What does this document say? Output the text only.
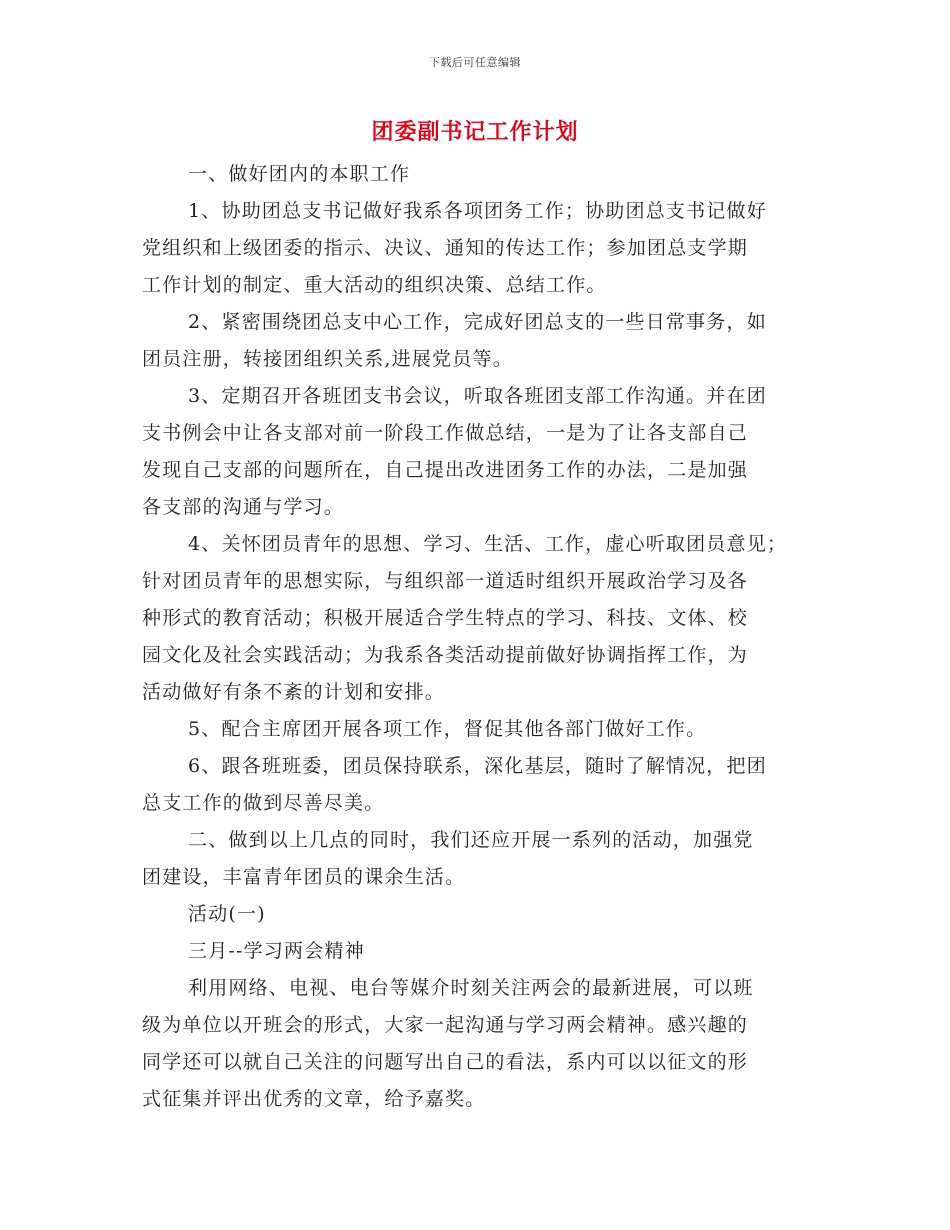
下载后可任意编辑
团委副书记工作计划
一、做好团内的本职工作
1、协助团总支书记做好我系各项团务工作；协助团总支书记做好
党组织和上级团委的指示、决议、通知的传达工作；参加团总支学期
工作计划的制定、重大活动的组织决策、总结工作。
2、紧密围绕团总支中心工作，完成好团总支的一些日常事务，如
团员注册，转接团组织关系,进展党员等。
3、定期召开各班团支书会议，听取各班团支部工作沟通。并在团
支书例会中让各支部对前一阶段工作做总结，一是为了让各支部自己
发现自己支部的问题所在，自己提出改进团务工作的办法，二是加强
各支部的沟通与学习。
4、关怀团员青年的思想、学习、生活、工作，虚心听取团员意见；
针对团员青年的思想实际，与组织部一道适时组织开展政治学习及各
种形式的教育活动；积极开展适合学生特点的学习、科技、文体、校
园文化及社会实践活动；为我系各类活动提前做好协调指挥工作，为
活动做好有条不紊的计划和安排。
5、配合主席团开展各项工作，督促其他各部门做好工作。
6、跟各班班委，团员保持联系，深化基层，随时了解情况，把团
总支工作的做到尽善尽美。
二、做到以上几点的同时，我们还应开展一系列的活动，加强党
团建设，丰富青年团员的课余生活。
活动(一)
三月--学习两会精神
利用网络、电视、电台等媒介时刻关注两会的最新进展，可以班
级为单位以开班会的形式，大家一起沟通与学习两会精神。感兴趣的
同学还可以就自己关注的问题写出自己的看法，系内可以以征文的形
式征集并评出优秀的文章，给予嘉奖。
